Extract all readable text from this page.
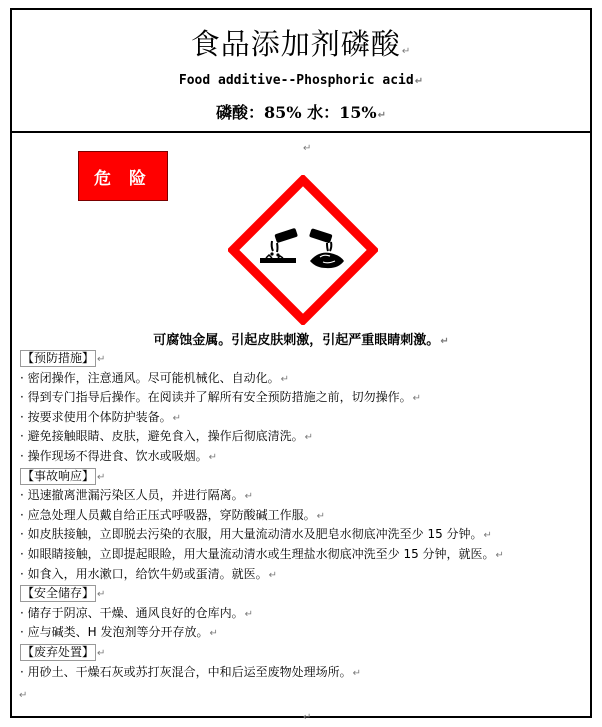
食品添加剂磷酸↵
Food additive--Phosphoric acid↵
磷酸：85% 水：15%↵
↵
危 险
可腐蚀金属。引起皮肤刺激，引起严重眼睛刺激。↵
【预防措施】 ↵
· 密闭操作，注意通风。尽可能机械化、自动化。↵
· 得到专门指导后操作。在阅读并了解所有安全预防措施之前，切勿操作。↵
· 按要求使用个体防护装备。↵
· 避免接触眼睛、皮肤，避免食入，操作后彻底清洗。↵
· 操作现场不得进食、饮水或吸烟。↵
【事故响应】 ↵
· 迅速撤离泄漏污染区人员，并进行隔离。↵
· 应急处理人员戴自给正压式呼吸器，穿防酸碱工作服。↵
· 如皮肤接触，立即脱去污染的衣服，用大量流动清水及肥皂水彻底冲洗至少 15 分钟。↵
· 如眼睛接触，立即提起眼睑，用大量流动清水或生理盐水彻底冲洗至少 15 分钟，就医。↵
· 如食入，用水漱口，给饮牛奶或蛋清。就医。↵
【安全储存】 ↵
· 储存于阴凉、干燥、通风良好的仓库内。↵
· 应与碱类、H 发泡剂等分开存放。↵
【废弃处置】 ↵
· 用砂土、干燥石灰或苏打灰混合，中和后运至废物处理场所。↵
↵
↵
